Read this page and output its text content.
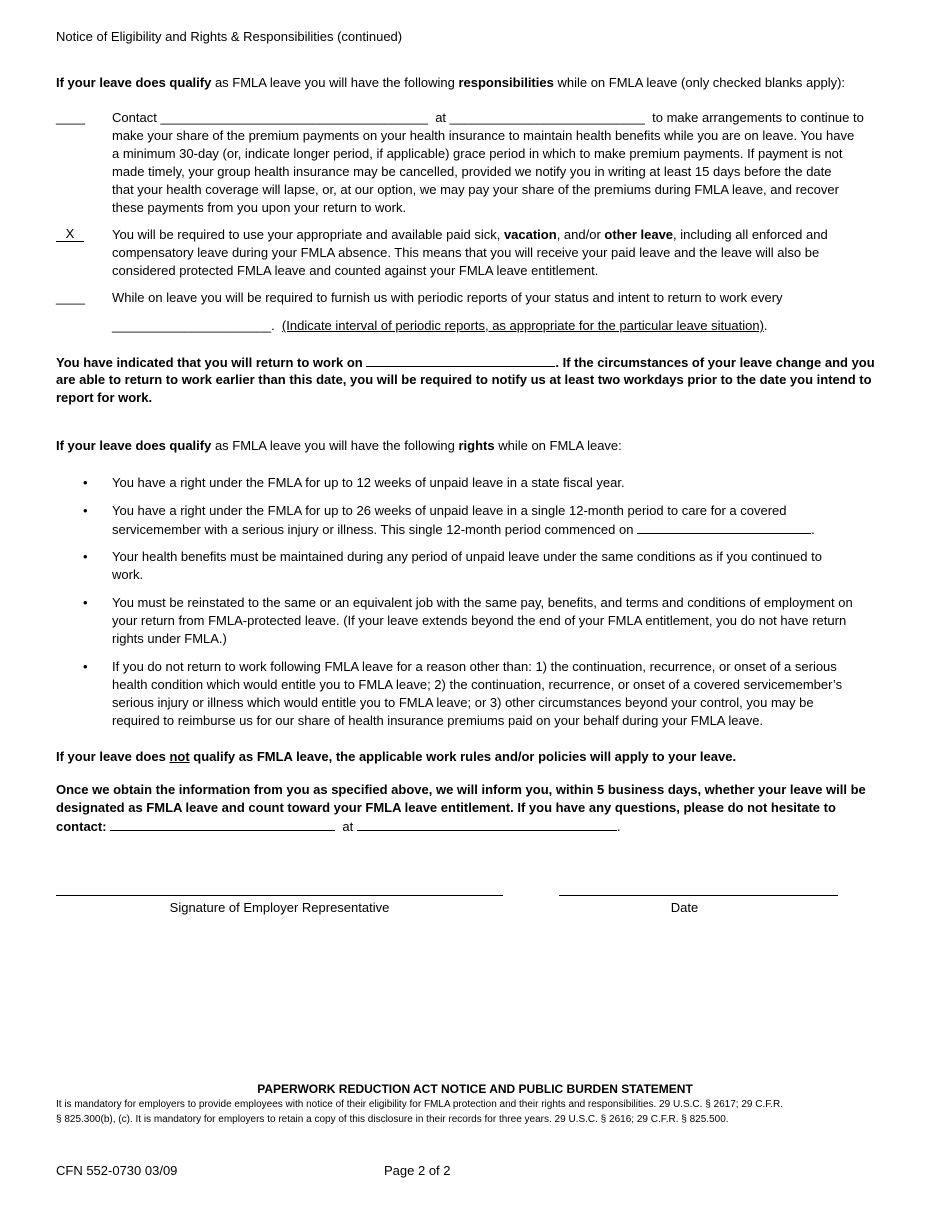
Notice of Eligibility and Rights & Responsibilities (continued)
If your leave does qualify as FMLA leave you will have the following responsibilities while on FMLA leave (only checked blanks apply):
____ Contact _____________________________________ at ___________________________ to make arrangements to continue to
make your share of the premium payments on your health insurance to maintain health benefits while you are on leave. You have
a minimum 30-day (or, indicate longer period, if applicable) grace period in which to make premium payments. If payment is not
made timely, your group health insurance may be cancelled, provided we notify you in writing at least 15 days before the date
that your health coverage will lapse, or, at our option, we may pay your share of the premiums during FMLA leave, and recover
these payments from you upon your return to work.
X	You will be required to use your appropriate and available paid sick, vacation, and/or other leave, including all enforced and
compensatory leave during your FMLA absence. This means that you will receive your paid leave and the leave will also be
considered protected FMLA leave and counted against your FMLA leave entitlement.
____ While on leave you will be required to furnish us with periodic reports of your status and intent to return to work every
______________________. (Indicate interval of periodic reports, as appropriate for the particular leave situation).
You have indicated that you will return to work on	. If the circumstances of your leave change and you
are able to return to work earlier than this date, you will be required to notify us at least two workdays prior to the date you intend to
report for work.
If your leave does qualify as FMLA leave you will have the following rights while on FMLA leave:
• You have a right under the FMLA for up to 12 weeks of unpaid leave in a state fiscal year.
• You have a right under the FMLA for up to 26 weeks of unpaid leave in a single 12-month period to care for a covered
servicemember with a serious injury or illness. This single 12-month period commenced on	.
• Your health benefits must be maintained during any period of unpaid leave under the same conditions as if you continued to
work.
• You must be reinstated to the same or an equivalent job with the same pay, benefits, and terms and conditions of employment on
your return from FMLA-protected leave. (If your leave extends beyond the end of your FMLA entitlement, you do not have return
rights under FMLA.)
• If you do not return to work following FMLA leave for a reason other than: 1) the continuation, recurrence, or onset of a serious
health condition which would entitle you to FMLA leave; 2) the continuation, recurrence, or onset of a covered servicemember’s
serious injury or illness which would entitle you to FMLA leave; or 3) other circumstances beyond your control, you may be
required to reimburse us for our share of health insurance premiums paid on your behalf during your FMLA leave.
If your leave does not qualify as FMLA leave, the applicable work rules and/or policies will apply to your leave.
Once we obtain the information from you as specified above, we will inform you, within 5 business days, whether your leave will be
designated as FMLA leave and count toward your FMLA leave entitlement. If you have any questions, please do not hesitate to
contact:	at	.
Signature of Employer Representative	Date
PAPERWORK REDUCTION ACT NOTICE AND PUBLIC BURDEN STATEMENT
It is mandatory for employers to provide employees with notice of their eligibility for FMLA protection and their rights and responsibilities. 29 U.S.C. § 2617; 29 C.F.R.
§ 825.300(b), (c). It is mandatory for employers to retain a copy of this disclosure in their records for three years. 29 U.S.C. § 2616; 29 C.F.R. § 825.500.
CFN 552-0730 03/09	Page 2 of 2
